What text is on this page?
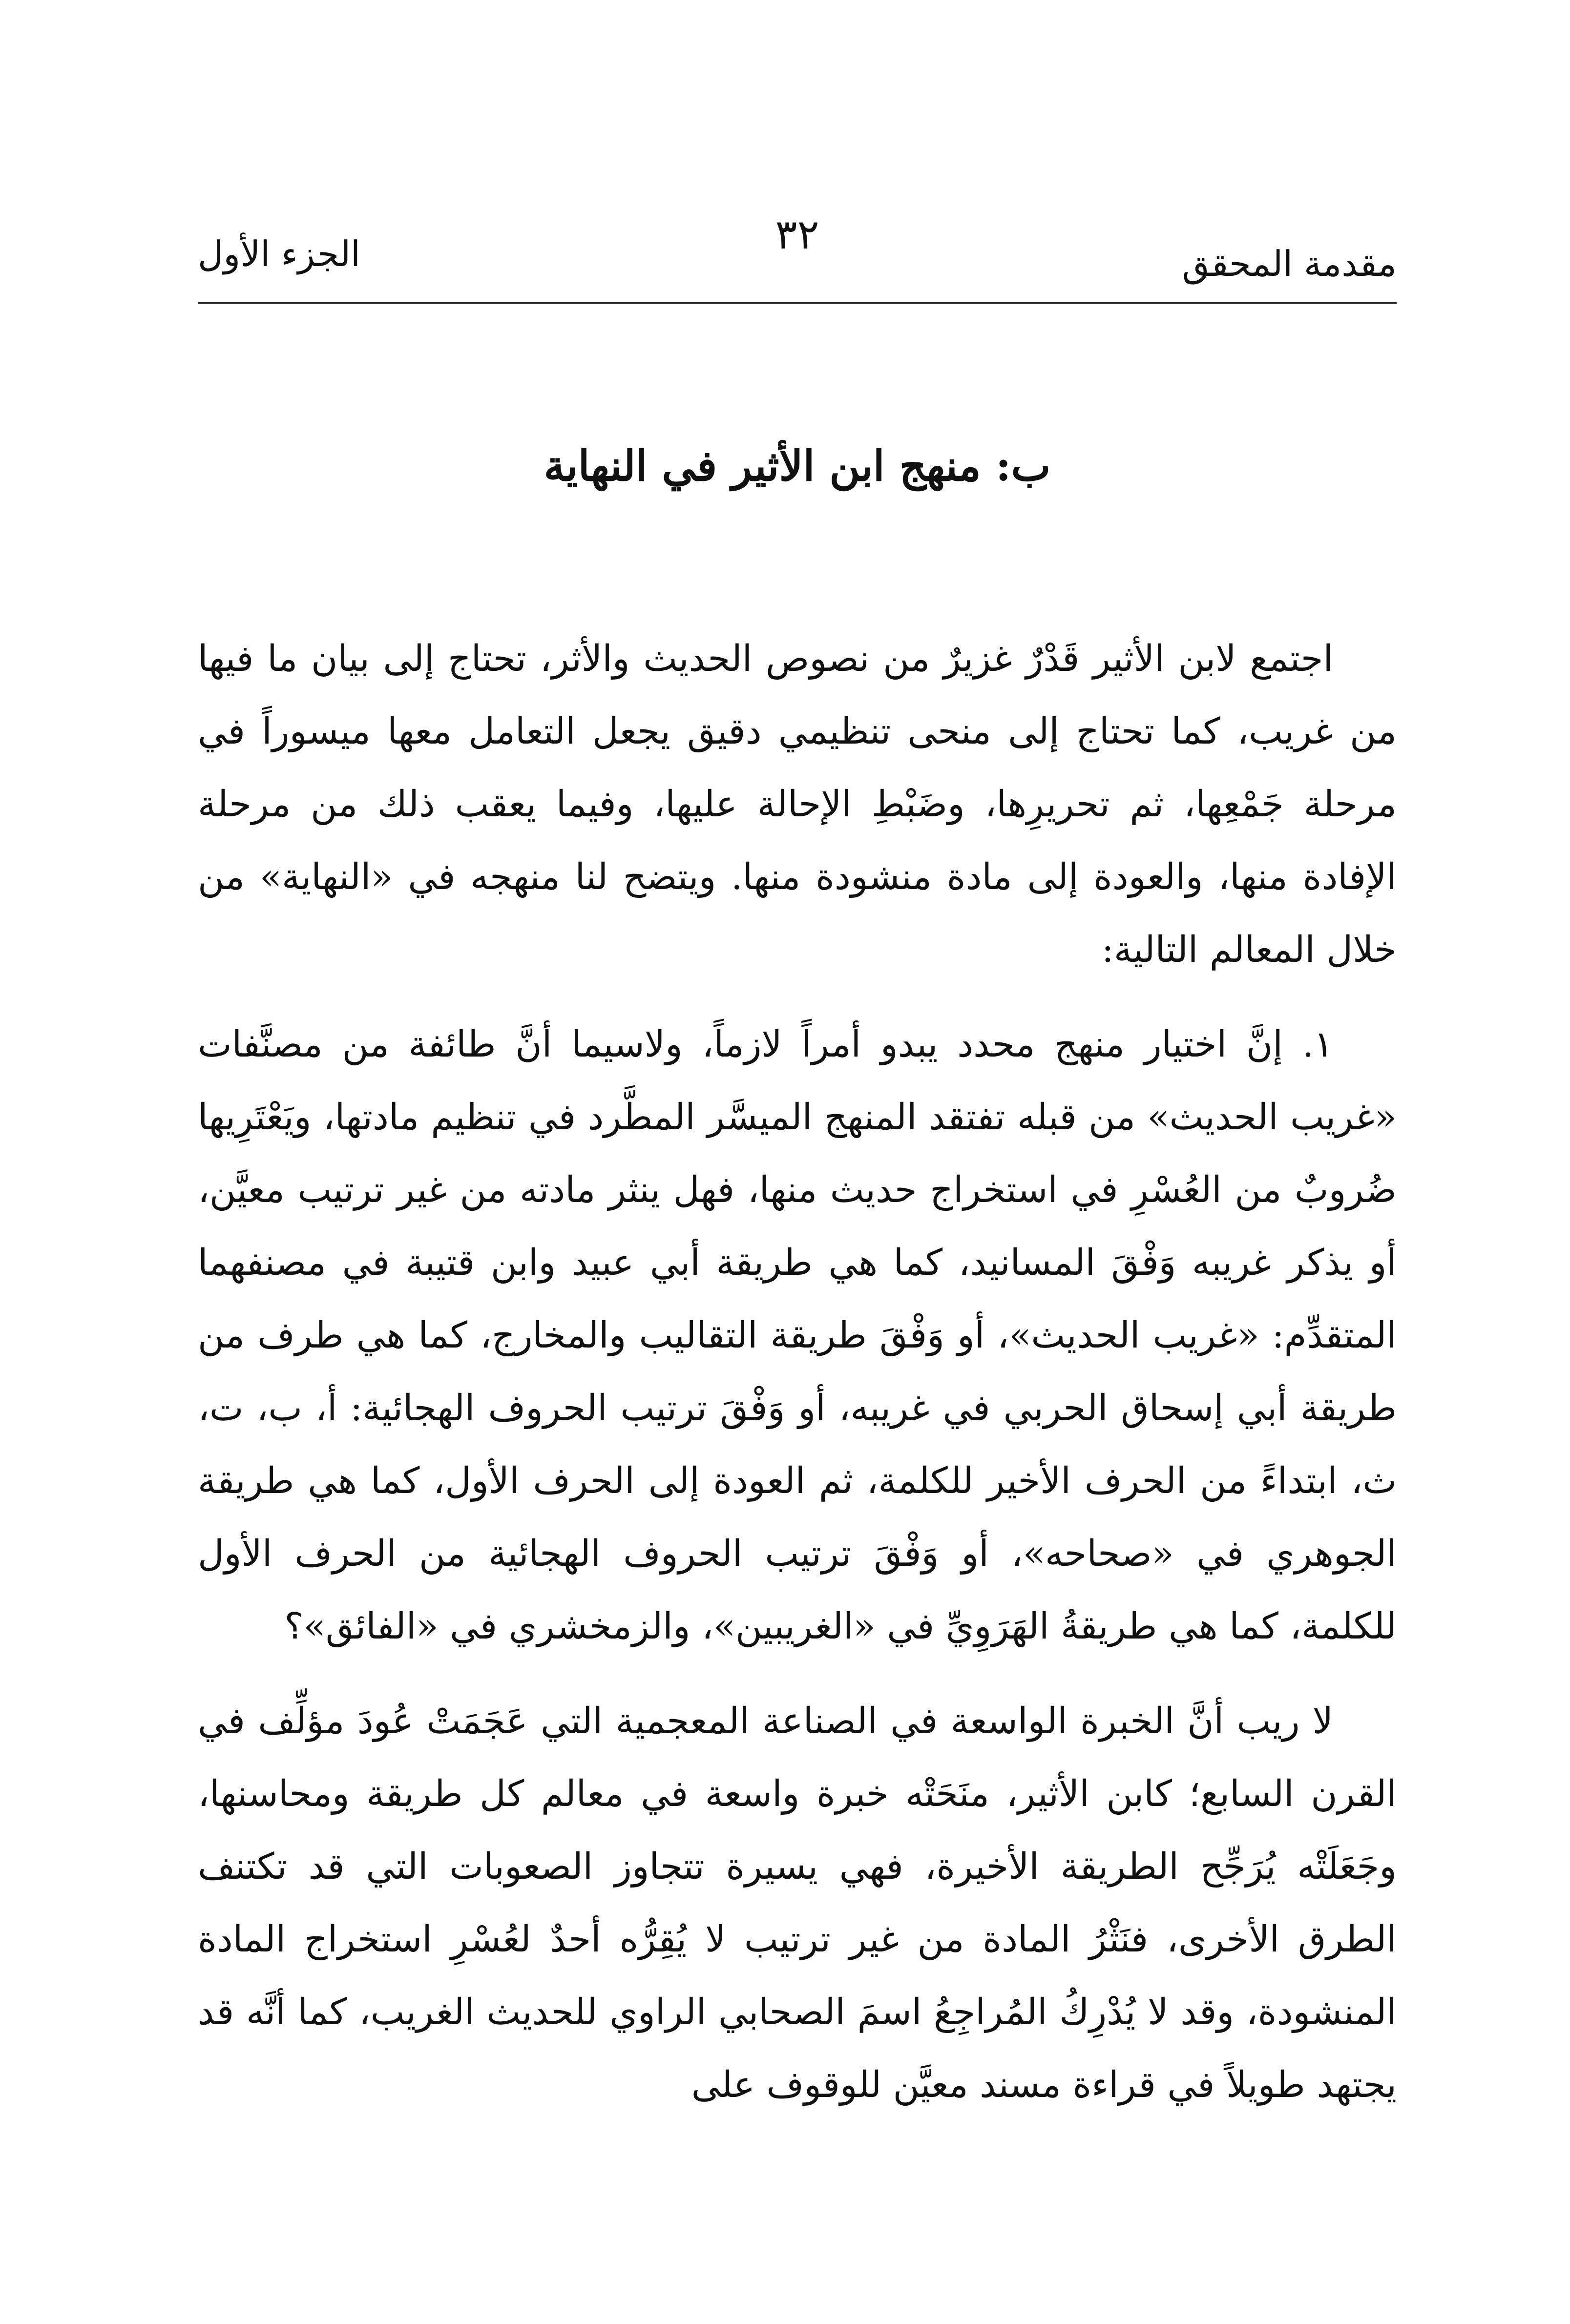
مقدمة المحقق
٣٢
الجزء الأول
ب: منهج ابن الأثير في النهاية

اجتمع لابن الأثير قَدْرٌ غزيرٌ من نصوص الحديث والأثر، تحتاج إلى بيان ما فيها من غريب، كما تحتاج إلى منحى تنظيمي دقيق يجعل التعامل معها ميسوراً في مرحلة جَمْعِها، ثم تحريرِها، وضَبْطِ الإحالة عليها، وفيما يعقب ذلك من مرحلة الإفادة منها، والعودة إلى مادة منشودة منها. ويتضح لنا منهجه في «النهاية» من خلال المعالم التالية:

١. إنَّ اختيار منهج محدد يبدو أمراً لازماً، ولاسيما أنَّ طائفة من مصنَّفات «غريب الحديث» من قبله تفتقد المنهج الميسَّر المطَّرد في تنظيم مادتها، ويَعْتَرِيها ضُروبٌ من العُسْرِ في استخراج حديث منها، فهل ينثر مادته من غير ترتيب معيَّن، أو يذكر غريبه وَفْقَ المسانيد، كما هي طريقة أبي عبيد وابن قتيبة في مصنفهما المتقدِّم: «غريب الحديث»، أو وَفْقَ طريقة التقاليب والمخارج، كما هي طرف من طريقة أبي إسحاق الحربي في غريبه، أو وَفْقَ ترتيب الحروف الهجائية: أ، ب، ت، ث، ابتداءً من الحرف الأخير للكلمة، ثم العودة إلى الحرف الأول، كما هي طريقة الجوهري في «صحاحه»، أو وَفْقَ ترتيب الحروف الهجائية من الحرف الأول للكلمة، كما هي طريقةُ الهَرَوِيِّ في «الغريبين»، والزمخشري في «الفائق»؟

لا ريب أنَّ الخبرة الواسعة في الصناعة المعجمية التي عَجَمَتْ عُودَ مؤلِّف في القرن السابع؛ كابن الأثير، منَحَتْه خبرة واسعة في معالم كل طريقة ومحاسنها، وجَعَلَتْه يُرَجِّح الطريقة الأخيرة، فهي يسيرة تتجاوز الصعوبات التي قد تكتنف الطرق الأخرى، فنَثْرُ المادة من غير ترتيب لا يُقِرُّه أحدٌ لعُسْرِ استخراج المادة المنشودة، وقد لا يُدْرِكُ المُراجِعُ اسمَ الصحابي الراوي للحديث الغريب، كما أنَّه قد يجتهد طويلاً في قراءة مسند معيَّن للوقوف على
